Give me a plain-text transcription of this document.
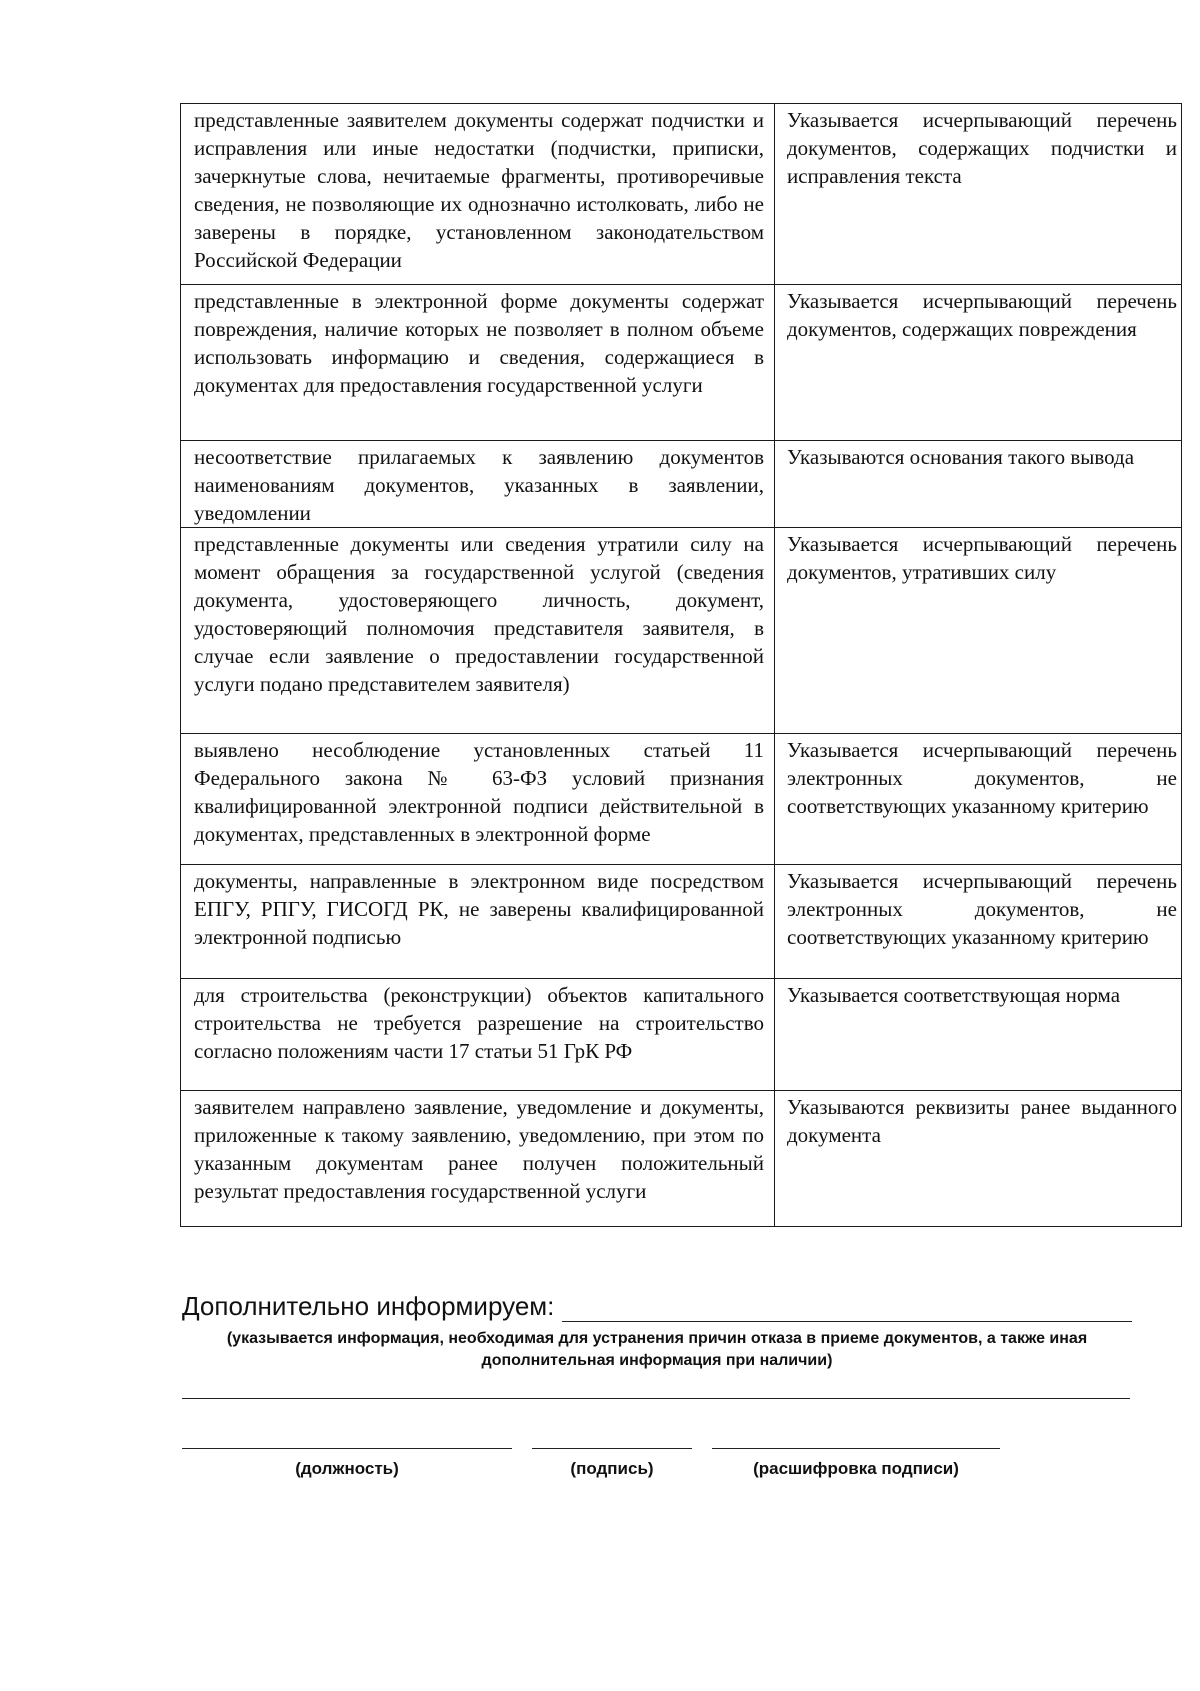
представленные заявителем документы содержат подчистки и исправления или иные недостатки (подчистки, приписки, зачеркнутые слова, нечитаемые фрагменты, противоречивые сведения, не позволяющие их однозначно истолковать, либо не заверены в порядке, установленном законодательством Российской Федерации	Указывается исчерпывающий перечень документов, содержащих подчистки и исправления текста

представленные в электронной форме документы содержат повреждения, наличие которых не позволяет в полном объеме использовать информацию и сведения, содержащиеся в документах для предоставления государственной услуги	Указывается исчерпывающий перечень документов, содержащих повреждения

несоответствие прилагаемых к заявлению документов наименованиям документов, указанных в заявлении, уведомлении	Указываются основания такого вывода

представленные документы или сведения утратили силу на момент обращения за государственной услугой (сведения документа, удостоверяющего личность, документ, удостоверяющий полномочия представителя заявителя, в случае если заявление о предоставлении государственной услуги подано представителем заявителя)	Указывается исчерпывающий перечень документов, утративших силу

выявлено несоблюдение установленных статьей 11 Федерального закона № 63-ФЗ условий признания квалифицированной электронной подписи действительной в документах, представленных в электронной форме	Указывается исчерпывающий перечень электронных документов, не соответствующих указанному критерию

документы, направленные в электронном виде посредством ЕПГУ, РПГУ, ГИСОГД РК, не заверены квалифицированной электронной подписью	Указывается исчерпывающий перечень электронных документов, не соответствующих указанному критерию

для строительства (реконструкции) объектов капитального строительства не требуется разрешение на строительство согласно положениям части 17 статьи 51 ГрК РФ	Указывается соответствующая норма

заявителем направлено заявление, уведомление и документы, приложенные к такому заявлению, уведомлению, при этом по указанным документам ранее получен положительный результат предоставления государственной услуги	Указываются реквизиты ранее выданного документа
Дополнительно информируем:
(указывается информация, необходимая для устранения причин отказа в приеме документов, а также иная дополнительная информация при наличии)
(должность)	(подпись)	(расшифровка подписи)
